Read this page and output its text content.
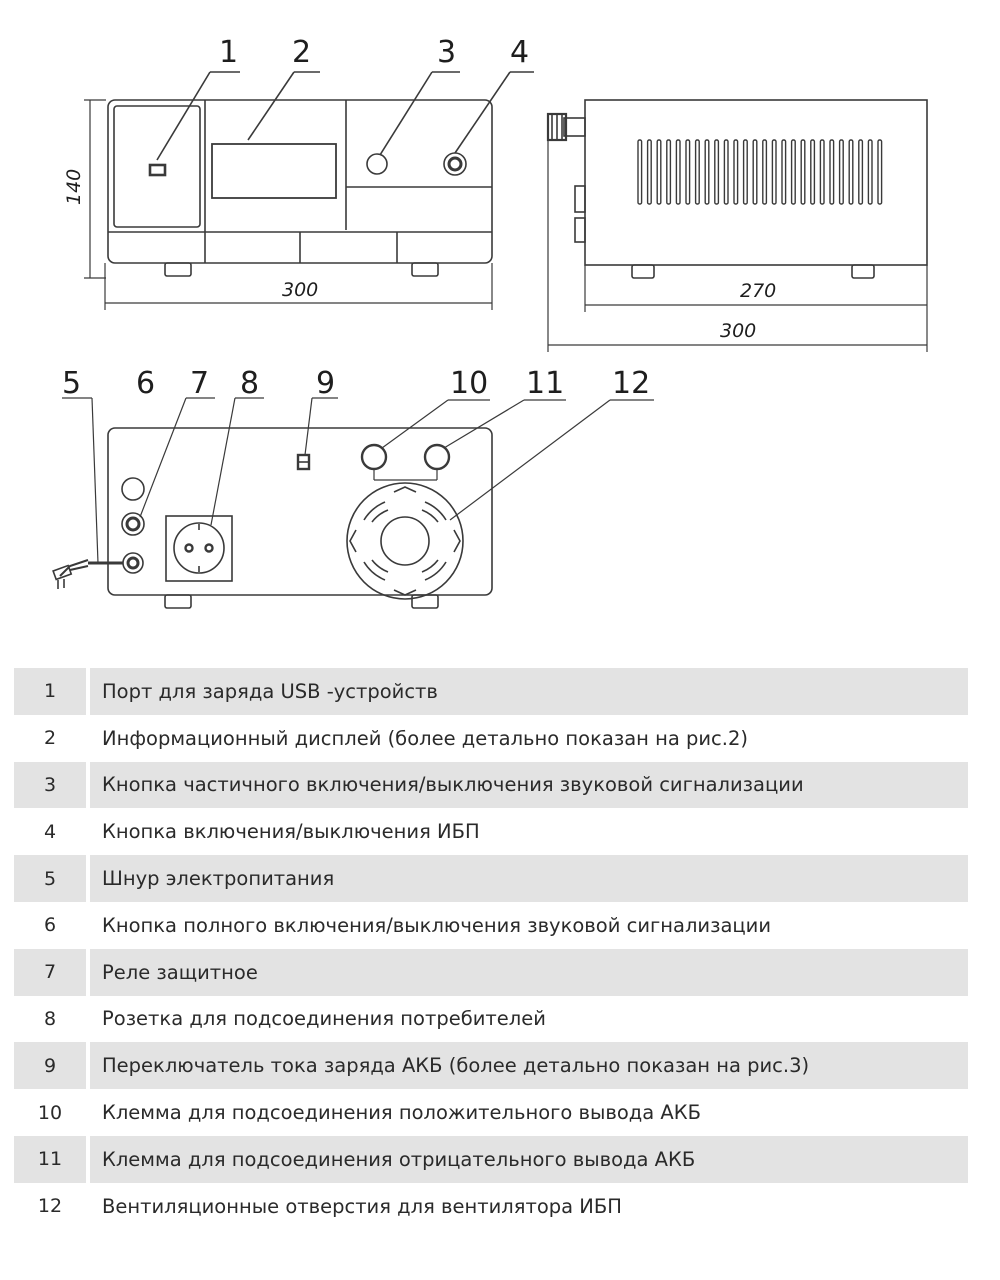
1 2	3 4
5 6 7 8 9	10 11 12
140
300	270
300
1	Порт для заряда USB -устройств
2	Информационный дисплей (более детально показан на рис.2)
3	Кнопка частичного включения/выключения звуковой сигнализации
4	Кнопка включения/выключения ИБП
5	Шнур электропитания
6	Кнопка полного включения/выключения звуковой сигнализации
7	Реле защитное
8	Розетка для подсоединения потребителей
9	Переключатель тока заряда АКБ (более детально показан на рис.3)
10	Клемма для подсоединения положительного вывода АКБ
11	Клемма для подсоединения отрицательного вывода АКБ
12	Вентиляционные отверстия для вентилятора ИБП
